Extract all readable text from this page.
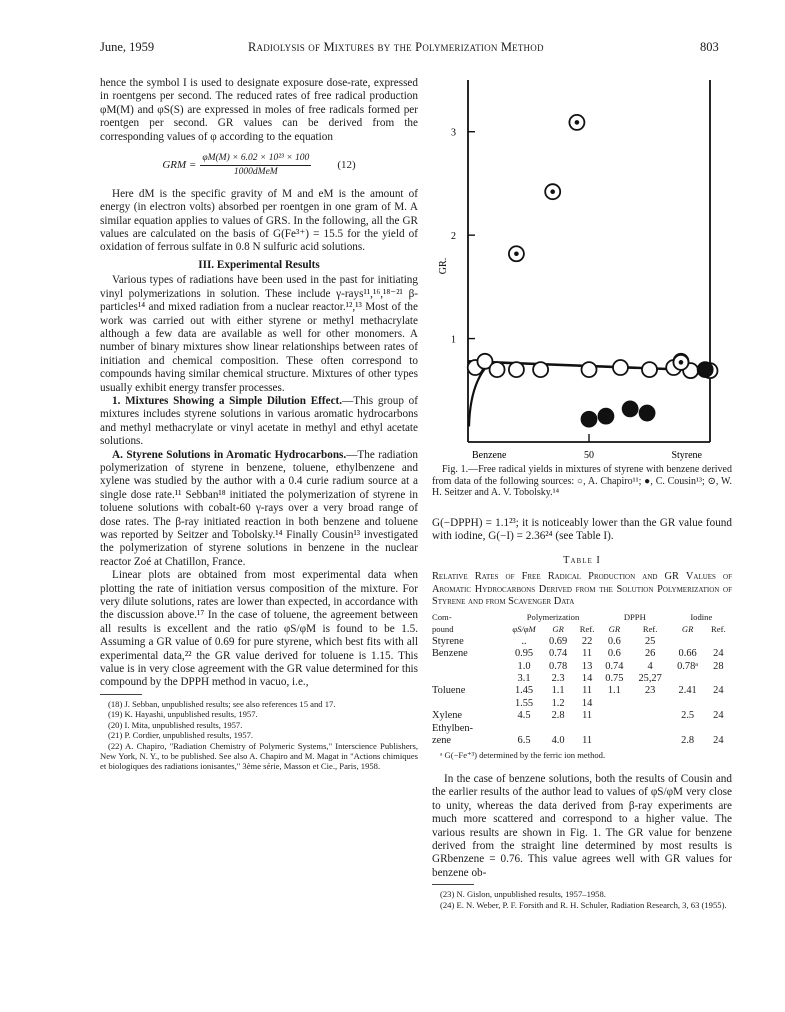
June, 1959	Radiolysis of Mixtures by the Polymerization Method	803

hence the symbol I is used to designate exposure dose-rate, expressed in roentgens per second. The reduced rates of free radical production φM(M) and φS(S) are expressed in moles of free radicals formed per roentgen per second. GR values can be derived from the corresponding values of φ according to the equation

GRM = $\frac{\text{φM(M) × 6.02 × 10²³ × 100}}{\text{1000dMeM}} (12)$

Here dM is the specific gravity of M and eM is the amount of energy (in electron volts) absorbed per roentgen in one gram of M. A similar equation applies to values of GRS. In the following, all the GR values are calculated on the basis of G(Fe³⁺) = 15.5 for the yield of oxidation of ferrous sulfate in 0.8 N sulfuric acid solutions.

III. Experimental Results

Various types of radiations have been used in the past for initiating vinyl polymerizations in solution. These include γ-rays¹¹,¹⁶,¹⁸⁻²¹ β-particles¹⁴ and mixed radiation from a nuclear reactor.¹²,¹³ Most of the work was carried out with either styrene or methyl methacrylate although a few data are available as well for other monomers. A number of binary mixtures show linear relationships between rates of initiation and chemical composition. These often correspond to compounds having similar chemical structure. Mixtures of other types usually exhibit energy transfer processes.

1. Mixtures Showing a Simple Dilution Effect.—This group of mixtures includes styrene solutions in various aromatic hydrocarbons and methyl methacrylate or vinyl acetate in methyl and ethyl acetate solutions.

A. Styrene Solutions in Aromatic Hydrocarbons.—The radiation polymerization of styrene in benzene, toluene, ethylbenzene and xylene was studied by the author with a 0.4 curie radium source at a single dose rate.¹¹ Sebban¹⁸ initiated the polymerization of styrene in toluene solutions with cobalt-60 γ-rays over a very broad range of dose rates. The β-ray initiated reaction in both benzene and toluene was reported by Seitzer and Tobolsky.¹⁴ Finally Cousin¹³ investigated the polymerization of styrene solutions in benzene in the nuclear reactor Zoé at Chatillon, France.

Linear plots are obtained from most experimental data when plotting the rate of initiation versus composition of the mixture. For very dilute solutions, rates are lower than expected, in accordance with the discussion above.¹⁷ In the case of toluene, the agreement between all results is excellent and the ratio φS/φM is found to be 1.5. Assuming a GR value of 0.69 for pure styrene, which best fits with all experimental data,²² the GR value derived for toluene is 1.15. This value is in very close agreement with the GR value determined for this compound by the DPPH method in vacuo, i.e.,

(18) J. Sebban, unpublished results; see also references 15 and 17.
(19) K. Hayashi, unpublished results, 1957.
(20) I. Mita, unpublished results, 1957.
(21) P. Cordier, unpublished results, 1957.
(22) A. Chapiro, "Radiation Chemistry of Polymeric Systems," Interscience Publishers, New York, N. Y., to be published. See also A. Chapiro and M. Magat in "Actions chimiques et biologiques des radiations ionisantes," 3ème série, Masson et Cie., Paris, 1958.
3
2
1
Benzene	50	Styrene
GR.
Fig. 1.—Free radical yields in mixtures of styrene with benzene derived from data of the following sources: ○, A. Chapiro¹¹; ●, C. Cousin¹³; ⊙, W. H. Seitzer and A. V. Tobolsky.¹⁴

G(−DPPH) = 1.1²³; it is noticeably lower than the GR value found with iodine, G(−I) = 2.36²⁴ (see Table I).

Table I

Relative Rates of Free Radical Production and GR Values of Aromatic Hydrocarbons Derived from the Solution Polymerization of Styrene and from Scavenger Data

Com-	Polymerization			DPPH		Iodine	
pound	φS/φM	GR	Ref.	GR	Ref.	GR	Ref.
Styrene	..	0.69	22	0.6	25		
Benzene	0.95	0.74	11	0.6	26	0.66	24
	1.0	0.78	13	0.74	4	0.78ᵃ	28
	3.1	2.3	14	0.75	25,27		
Toluene	1.45	1.1	11	1.1	23	2.41	24
	1.55	1.2	14				
Xylene	4.5	2.8	11			2.5	24
Ethylben-							
zene	6.5	4.0	11			2.8	24

ᵃ G(−Fe⁺³) determined by the ferric ion method.

In the case of benzene solutions, both the results of Cousin and the earlier results of the author lead to values of φS/φM very close to unity, whereas the data derived from β-ray experiments are much more scattered and correspond to a higher value. The various results are shown in Fig. 1. The GR value for benzene derived from the straight line determined by most results is GRbenzene = 0.76. This value agrees well with GR values for benzene ob-

(23) N. Gislon, unpublished results, 1957–1958.
(24) E. N. Weber, P. F. Forsith and R. H. Schuler, Radiation Research, 3, 63 (1955).
